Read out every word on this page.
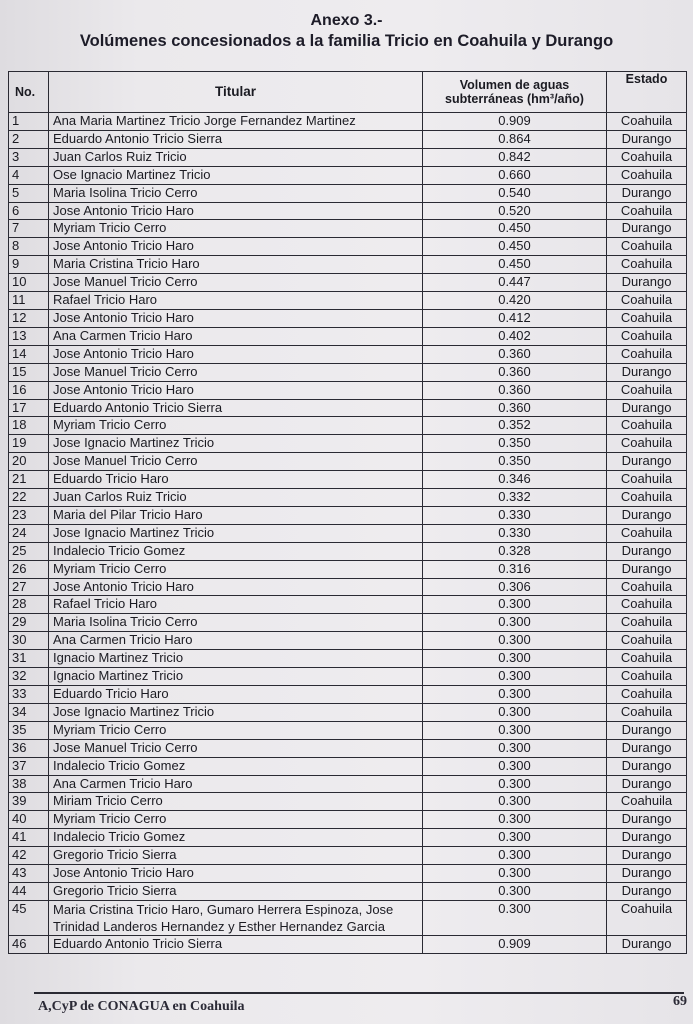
Anexo 3.-
Volúmenes concesionados a la familia Tricio en Coahuila y Durango
No.	Titular	Volumen de aguas subterráneas (hm³/año)	Estado
1	Ana Maria Martinez Tricio Jorge Fernandez Martinez	0.909	Coahuila
2	Eduardo Antonio Tricio Sierra	0.864	Durango
3	Juan Carlos Ruiz Tricio	0.842	Coahuila
4	Ose Ignacio Martinez Tricio	0.660	Coahuila
5	Maria Isolina Tricio Cerro	0.540	Durango
6	Jose Antonio Tricio Haro	0.520	Coahuila
7	Myriam Tricio Cerro	0.450	Durango
8	Jose Antonio Tricio Haro	0.450	Coahuila
9	Maria Cristina Tricio Haro	0.450	Coahuila
10	Jose Manuel Tricio Cerro	0.447	Durango
11	Rafael Tricio Haro	0.420	Coahuila
12	Jose Antonio Tricio Haro	0.412	Coahuila
13	Ana Carmen Tricio Haro	0.402	Coahuila
14	Jose Antonio Tricio Haro	0.360	Coahuila
15	Jose Manuel Tricio Cerro	0.360	Durango
16	Jose Antonio Tricio Haro	0.360	Coahuila
17	Eduardo Antonio Tricio Sierra	0.360	Durango
18	Myriam Tricio Cerro	0.352	Coahuila
19	Jose Ignacio Martinez Tricio	0.350	Coahuila
20	Jose Manuel Tricio Cerro	0.350	Durango
21	Eduardo Tricio Haro	0.346	Coahuila
22	Juan Carlos Ruiz Tricio	0.332	Coahuila
23	Maria del Pilar Tricio Haro	0.330	Durango
24	Jose Ignacio Martinez Tricio	0.330	Coahuila
25	Indalecio Tricio Gomez	0.328	Durango
26	Myriam Tricio Cerro	0.316	Durango
27	Jose Antonio Tricio Haro	0.306	Coahuila
28	Rafael Tricio Haro	0.300	Coahuila
29	Maria Isolina Tricio Cerro	0.300	Coahuila
30	Ana Carmen Tricio Haro	0.300	Coahuila
31	Ignacio Martinez Tricio	0.300	Coahuila
32	Ignacio Martinez Tricio	0.300	Coahuila
33	Eduardo Tricio Haro	0.300	Coahuila
34	Jose Ignacio Martinez Tricio	0.300	Coahuila
35	Myriam Tricio Cerro	0.300	Durango
36	Jose Manuel Tricio Cerro	0.300	Durango
37	Indalecio Tricio Gomez	0.300	Durango
38	Ana Carmen Tricio Haro	0.300	Durango
39	Miriam Tricio Cerro	0.300	Coahuila
40	Myriam Tricio Cerro	0.300	Durango
41	Indalecio Tricio Gomez	0.300	Durango
42	Gregorio Tricio Sierra	0.300	Durango
43	Jose Antonio Tricio Haro	0.300	Durango
44	Gregorio Tricio Sierra	0.300	Durango
45	Maria Cristina Tricio Haro, Gumaro Herrera Espinoza, Jose Trinidad Landeros Hernandez y Esther Hernandez Garcia	0.300	Coahuila
46	Eduardo Antonio Tricio Sierra	0.909	Durango
A,CyP de CONAGUA en Coahuila	69
